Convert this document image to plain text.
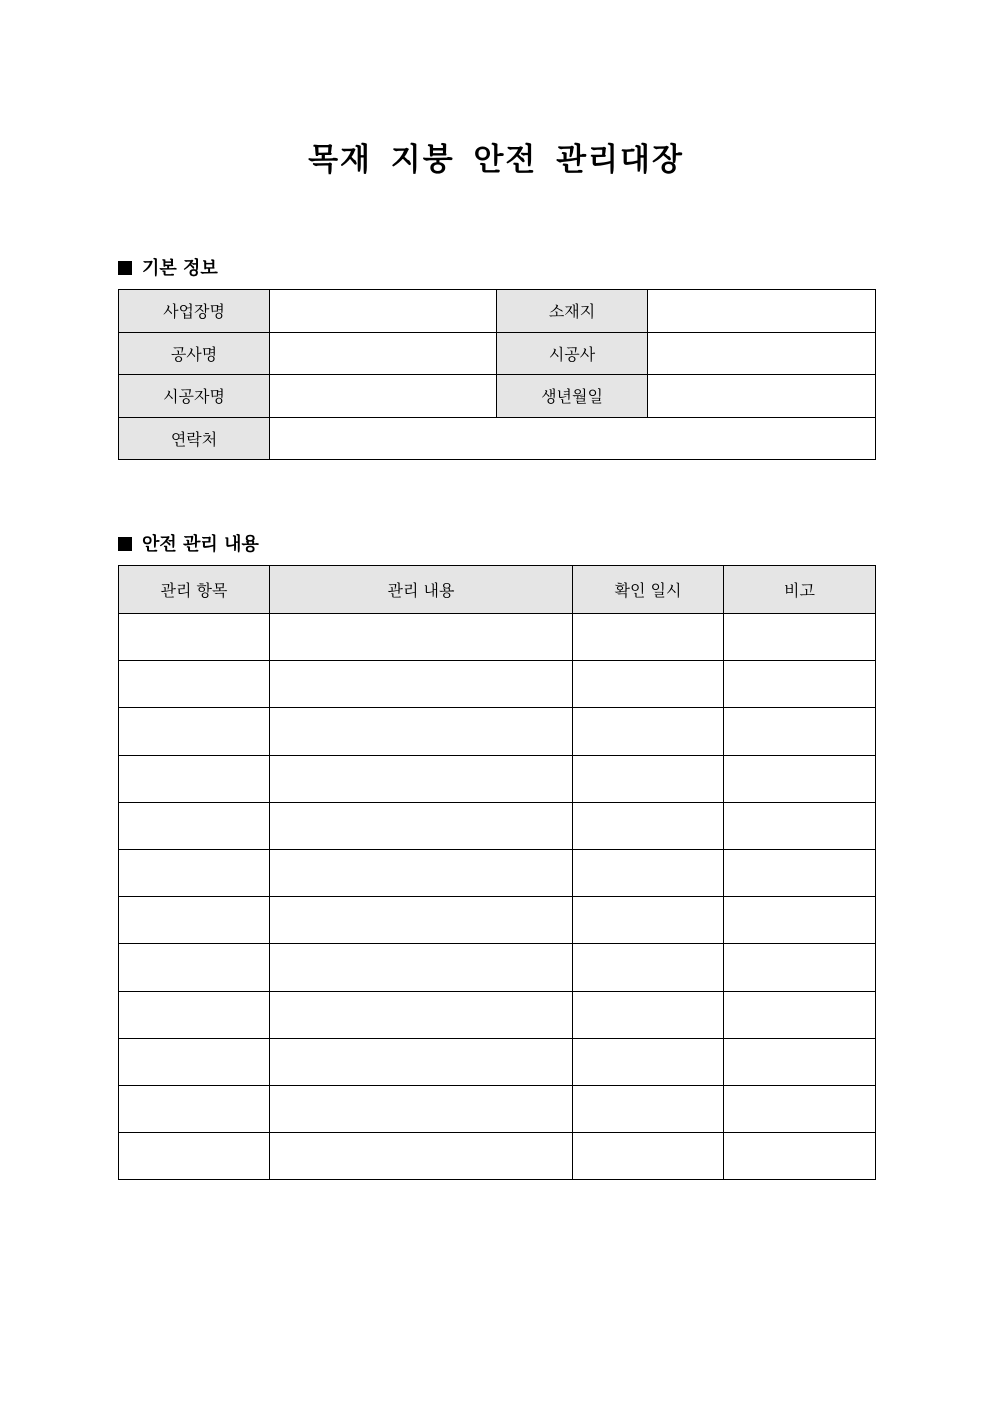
목재 지붕 안전 관리대장
기본 정보
사업장명		소재지	
공사명		시공사	
시공자명		생년월일	
연락처			
안전 관리 내용
관리 항목	관리 내용	확인 일시	비고
